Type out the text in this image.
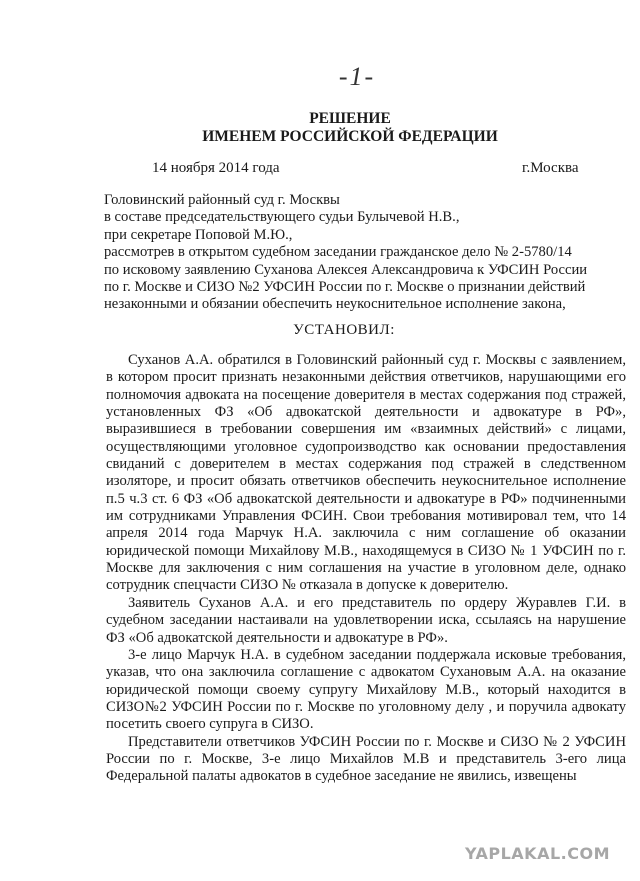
-1-
РЕШЕНИЕ
ИМЕНЕМ РОССИЙСКОЙ ФЕДЕРАЦИИ
14 ноября 2014 года	г.Москва
Головинский районный суд г. Москвы
в составе председательствующего судьи Булычевой Н.В.,
при секретаре Поповой М.Ю.,
рассмотрев в открытом судебном заседании гражданское дело № 2-5780/14
по исковому заявлению Суханова Алексея Александровича к УФСИН России
по г. Москве и СИЗО №2 УФСИН России по г. Москве о признании действий
незаконными и обязании обеспечить неукоснительное исполнение закона,
УСТАНОВИЛ:

Суханов А.А. обратился в Головинский районный суд г. Москвы с заявлением, в котором просит признать незаконными действия ответчиков, нарушающими его полномочия адвоката на посещение доверителя в местах содержания под стражей, установленных ФЗ «Об адвокатской деятельности и адвокатуре в РФ», выразившиеся в требовании совершения им «взаимных действий» с лицами, осуществляющими уголовное судопроизводство как основании предоставления свиданий с доверителем в местах содержания под стражей в следственном изоляторе, и просит обязать ответчиков обеспечить неукоснительное исполнение п.5 ч.3 ст. 6 ФЗ «Об адвокатской деятельности и адвокатуре в РФ» подчиненными им сотрудниками Управления ФСИН. Свои требования мотивировал тем, что 14 апреля 2014 года Марчук Н.А. заключила с ним соглашение об оказании юридической помощи Михайлову М.В., находящемуся в СИЗО № 1 УФСИН по г. Москве для заключения с ним соглашения на участие в уголовном деле, однако сотрудник спецчасти СИЗО № отказала в допуске к доверителю.

Заявитель Суханов А.А. и его представитель по ордеру Журавлев Г.И. в судебном заседании настаивали на удовлетворении иска, ссылаясь на нарушение ФЗ «Об адвокатской деятельности и адвокатуре в РФ».

3-е лицо Марчук Н.А. в судебном заседании поддержала исковые требования, указав, что она заключила соглашение с адвокатом Сухановым А.А. на оказание юридической помощи своему супругу Михайлову М.В., который находится в СИЗО№2 УФСИН России по г. Москве по уголовному делу , и поручила адвокату посетить своего супруга в СИЗО.

Представители ответчиков УФСИН России по г. Москве и СИЗО № 2 УФСИН России по г. Москве, 3-е лицо Михайлов М.В и представитель 3-его лица Федеральной палаты адвокатов в судебное заседание не явились, извещены

YAPLAKAL.COM
